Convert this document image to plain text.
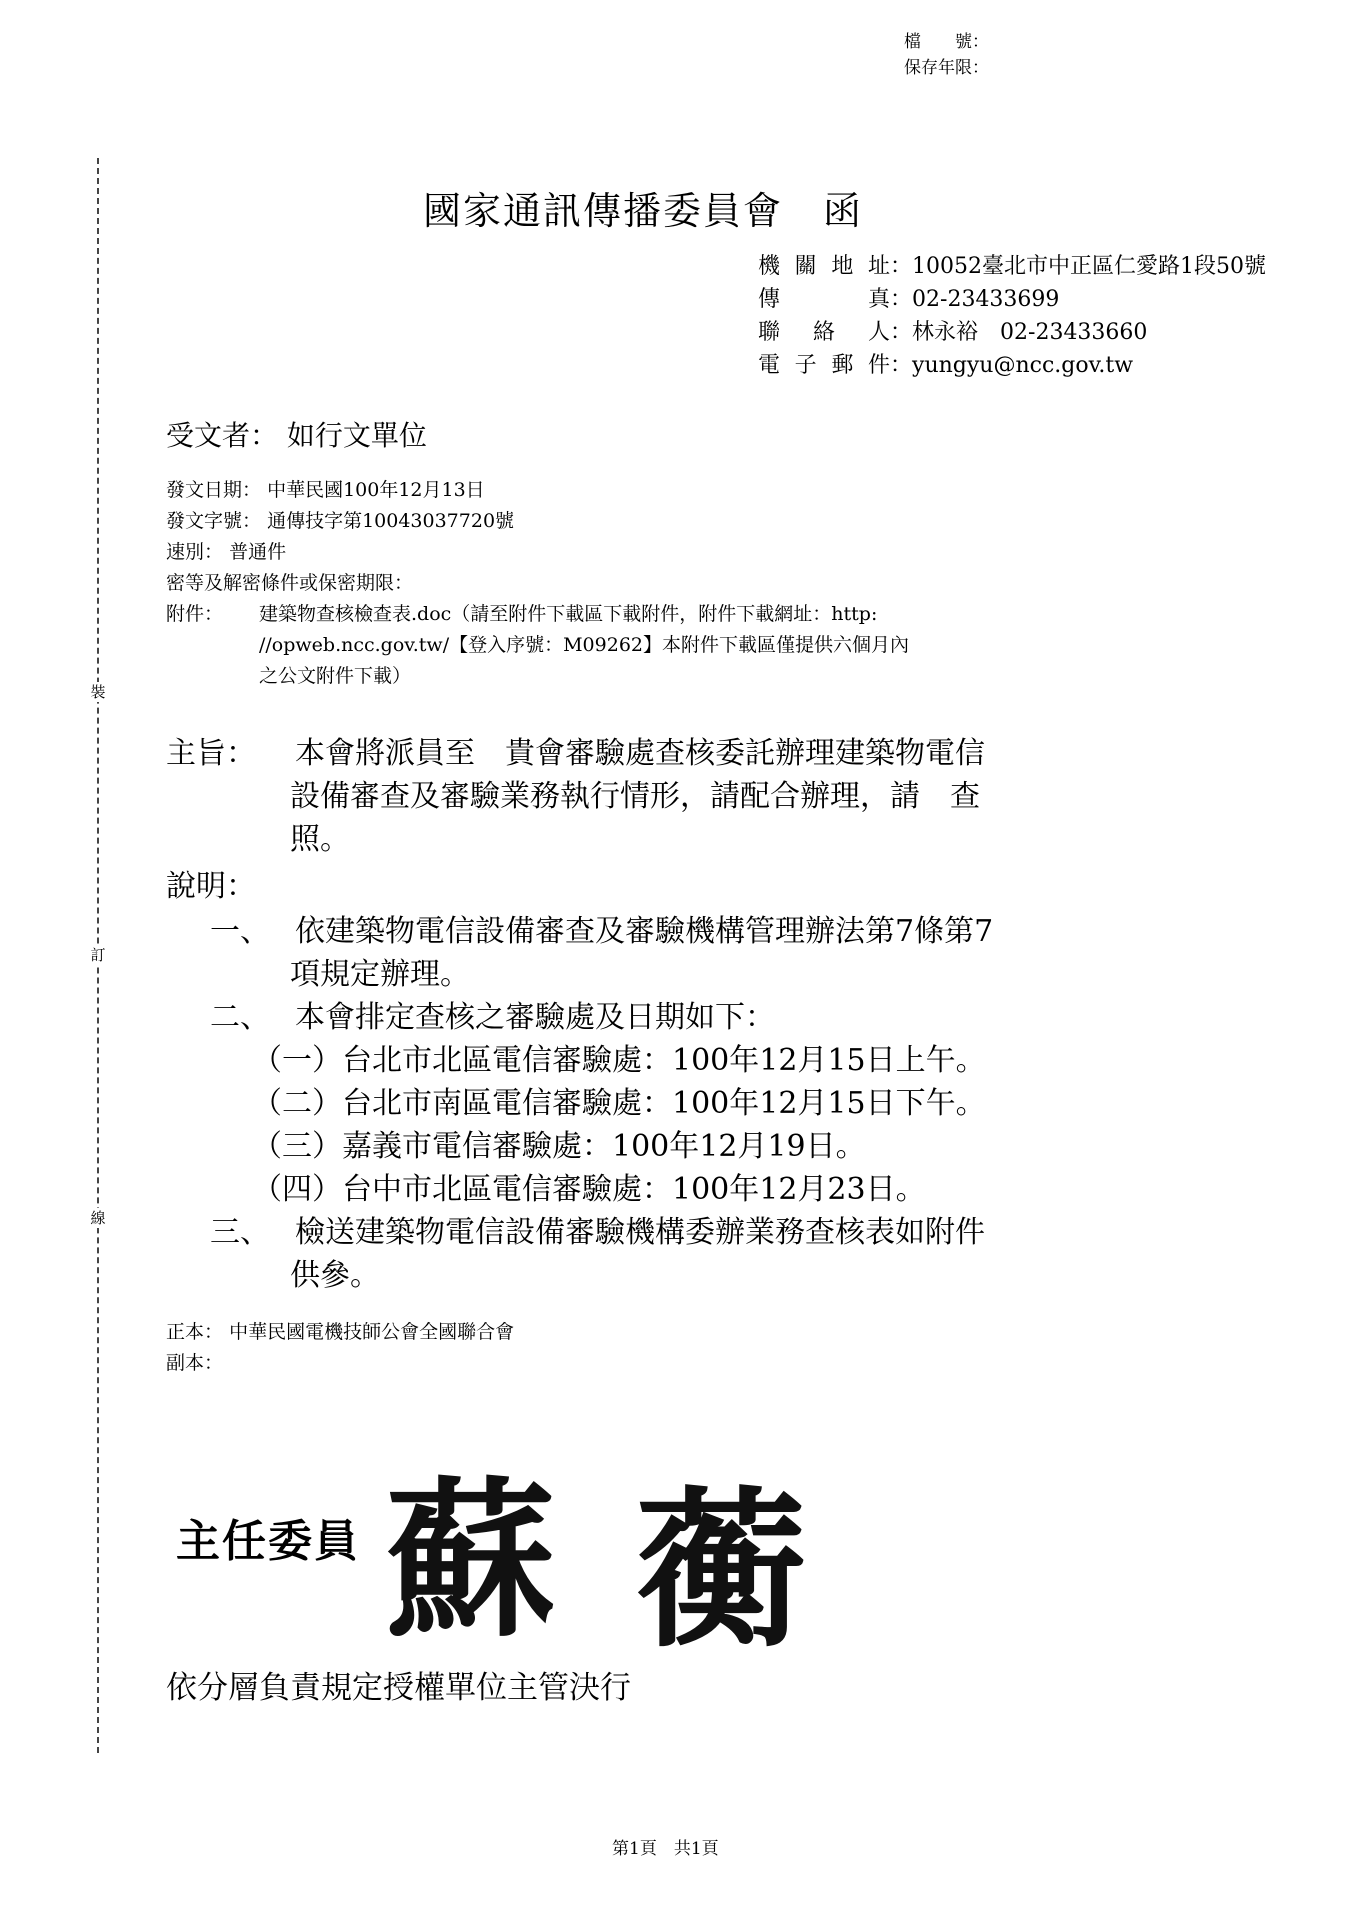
檔　　號：
保存年限：
裝
訂
線
國家通訊傳播委員會　函
機關地址：10052臺北市中正區仁愛路1段50號
傳真：02-23433699
聯絡人：林永裕　02-23433660
電子郵件：yungyu@ncc.gov.tw
受文者： 如行文單位
發文日期： 中華民國100年12月13日
發文字號： 通傳技字第10043037720號
速別： 普通件
密等及解密條件或保密期限：
附件： 建築物查核檢查表.doc（請至附件下載區下載附件，附件下載網址：http:
//opweb.ncc.gov.tw/【登入序號：M09262】本附件下載區僅提供六個月內
之公文附件下載）
主旨： 本會將派員至　貴會審驗處查核委託辦理建築物電信
設備審查及審驗業務執行情形，請配合辦理，請　查
照。
說明：
一、 依建築物電信設備審查及審驗機構管理辦法第7條第7
項規定辦理。
二、 本會排定查核之審驗處及日期如下：
（一）台北市北區電信審驗處：100年12月15日上午。
（二）台北市南區電信審驗處：100年12月15日下午。
（三）嘉義市電信審驗處：100年12月19日。
（四）台中市北區電信審驗處：100年12月23日。
三、 檢送建築物電信設備審驗機構委辦業務查核表如附件
供參。
正本： 中華民國電機技師公會全國聯合會
副本：
主任委員 蘇 蘅
依分層負責規定授權單位主管決行
第1頁　共1頁
